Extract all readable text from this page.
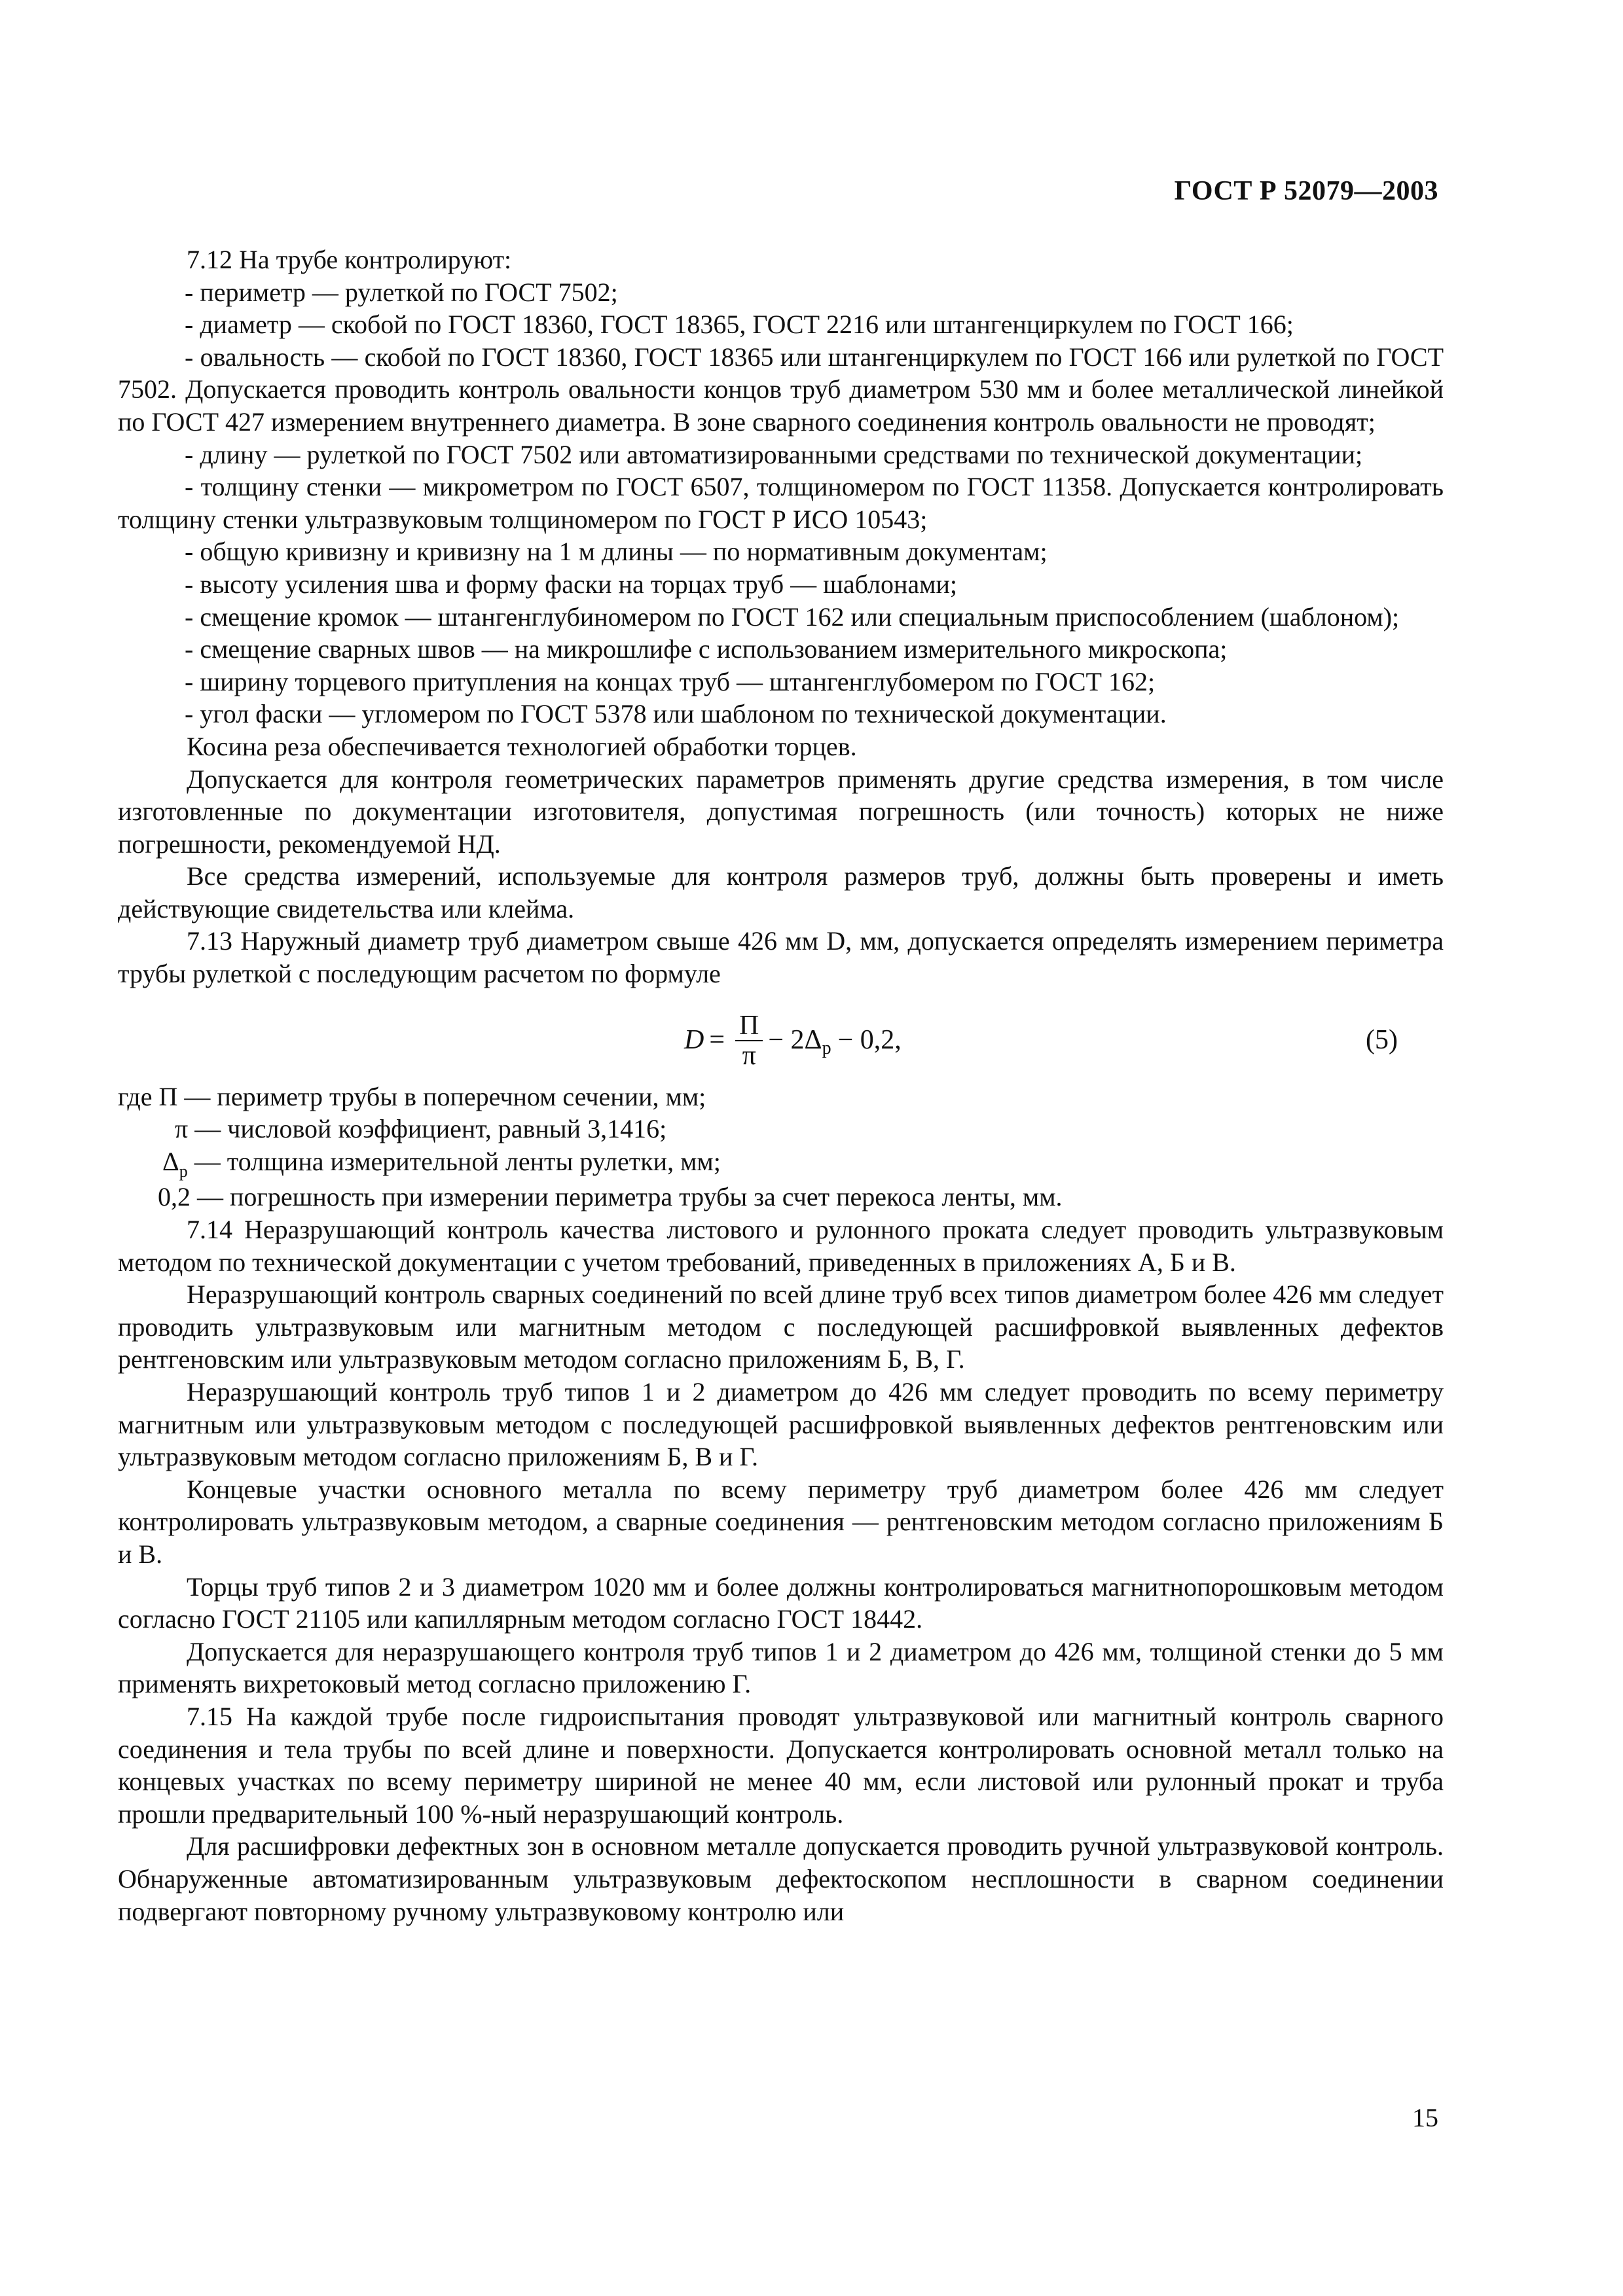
ГОСТ Р 52079—2003

7.12 На трубе контролируют:

- периметр — рулеткой по ГОСТ 7502;

- диаметр — скобой по ГОСТ 18360, ГОСТ 18365, ГОСТ 2216 или штангенциркулем по ГОСТ 166;

- овальность — скобой по ГОСТ 18360, ГОСТ 18365 или штангенциркулем по ГОСТ 166 или рулеткой по ГОСТ 7502. Допускается проводить контроль овальности концов труб диаметром 530 мм и более металлической линейкой по ГОСТ 427 измерением внутреннего диаметра. В зоне сварного соединения контроль овальности не проводят;

- длину — рулеткой по ГОСТ 7502 или автоматизированными средствами по технической документации;

- толщину стенки — микрометром по ГОСТ 6507, толщиномером по ГОСТ 11358. Допускается контролировать толщину стенки ультразвуковым толщиномером по ГОСТ Р ИСО 10543;

- общую кривизну и кривизну на 1 м длины — по нормативным документам;

- высоту усиления шва и форму фаски на торцах труб — шаблонами;

- смещение кромок — штангенглубиномером по ГОСТ 162 или специальным приспособлением (шаблоном);

- смещение сварных швов — на микрошлифе с использованием измерительного микроскопа;

- ширину торцевого притупления на концах труб — штангенглубомером по ГОСТ 162;

- угол фаски — угломером по ГОСТ 5378 или шаблоном по технической документации.

Косина реза обеспечивается технологией обработки торцев.

Допускается для контроля геометрических параметров применять другие средства измерения, в том числе изготовленные по документации изготовителя, допустимая погрешность (или точность) которых не ниже погрешности, рекомендуемой НД.

Все средства измерений, используемые для контроля размеров труб, должны быть проверены и иметь действующие свидетельства или клейма.

7.13 Наружный диаметр труб диаметром свыше 426 мм D, мм, допускается определять измерением периметра трубы рулеткой с последующим расчетом по формуле

$D = \frac{П}{\pi} - 2\Delta$ р − 0,2,	(5)

где П — периметр трубы в поперечном сечении, мм;

π — числовой коэффициент, равный 3,1416;

$\Delta_р$ — толщина измерительной ленты рулетки, мм;

0,2 — погрешность при измерении периметра трубы за счет перекоса ленты, мм.

7.14 Неразрушающий контроль качества листового и рулонного проката следует проводить ультразвуковым методом по технической документации с учетом требований, приведенных в приложениях А, Б и В.

Неразрушающий контроль сварных соединений по всей длине труб всех типов диаметром более 426 мм следует проводить ультразвуковым или магнитным методом с последующей расшифровкой выявленных дефектов рентгеновским или ультразвуковым методом согласно приложениям Б, В, Г.

Неразрушающий контроль труб типов 1 и 2 диаметром до 426 мм следует проводить по всему периметру магнитным или ультразвуковым методом с последующей расшифровкой выявленных дефектов рентгеновским или ультразвуковым методом согласно приложениям Б, В и Г.

Концевые участки основного металла по всему периметру труб диаметром более 426 мм следует контролировать ультразвуковым методом, а сварные соединения — рентгеновским методом согласно приложениям Б и В.

Торцы труб типов 2 и 3 диаметром 1020 мм и более должны контролироваться магнитнопорошковым методом согласно ГОСТ 21105 или капиллярным методом согласно ГОСТ 18442.

Допускается для неразрушающего контроля труб типов 1 и 2 диаметром до 426 мм, толщиной стенки до 5 мм применять вихретоковый метод согласно приложению Г.

7.15 На каждой трубе после гидроиспытания проводят ультразвуковой или магнитный контроль сварного соединения и тела трубы по всей длине и поверхности. Допускается контролировать основной металл только на концевых участках по всему периметру шириной не менее 40 мм, если листовой или рулонный прокат и труба прошли предварительный 100 %-ный неразрушающий контроль.

Для расшифровки дефектных зон в основном металле допускается проводить ручной ультразвуковой контроль. Обнаруженные автоматизированным ультразвуковым дефектоскопом несплошности в сварном соединении подвергают повторному ручному ультразвуковому контролю или

15
